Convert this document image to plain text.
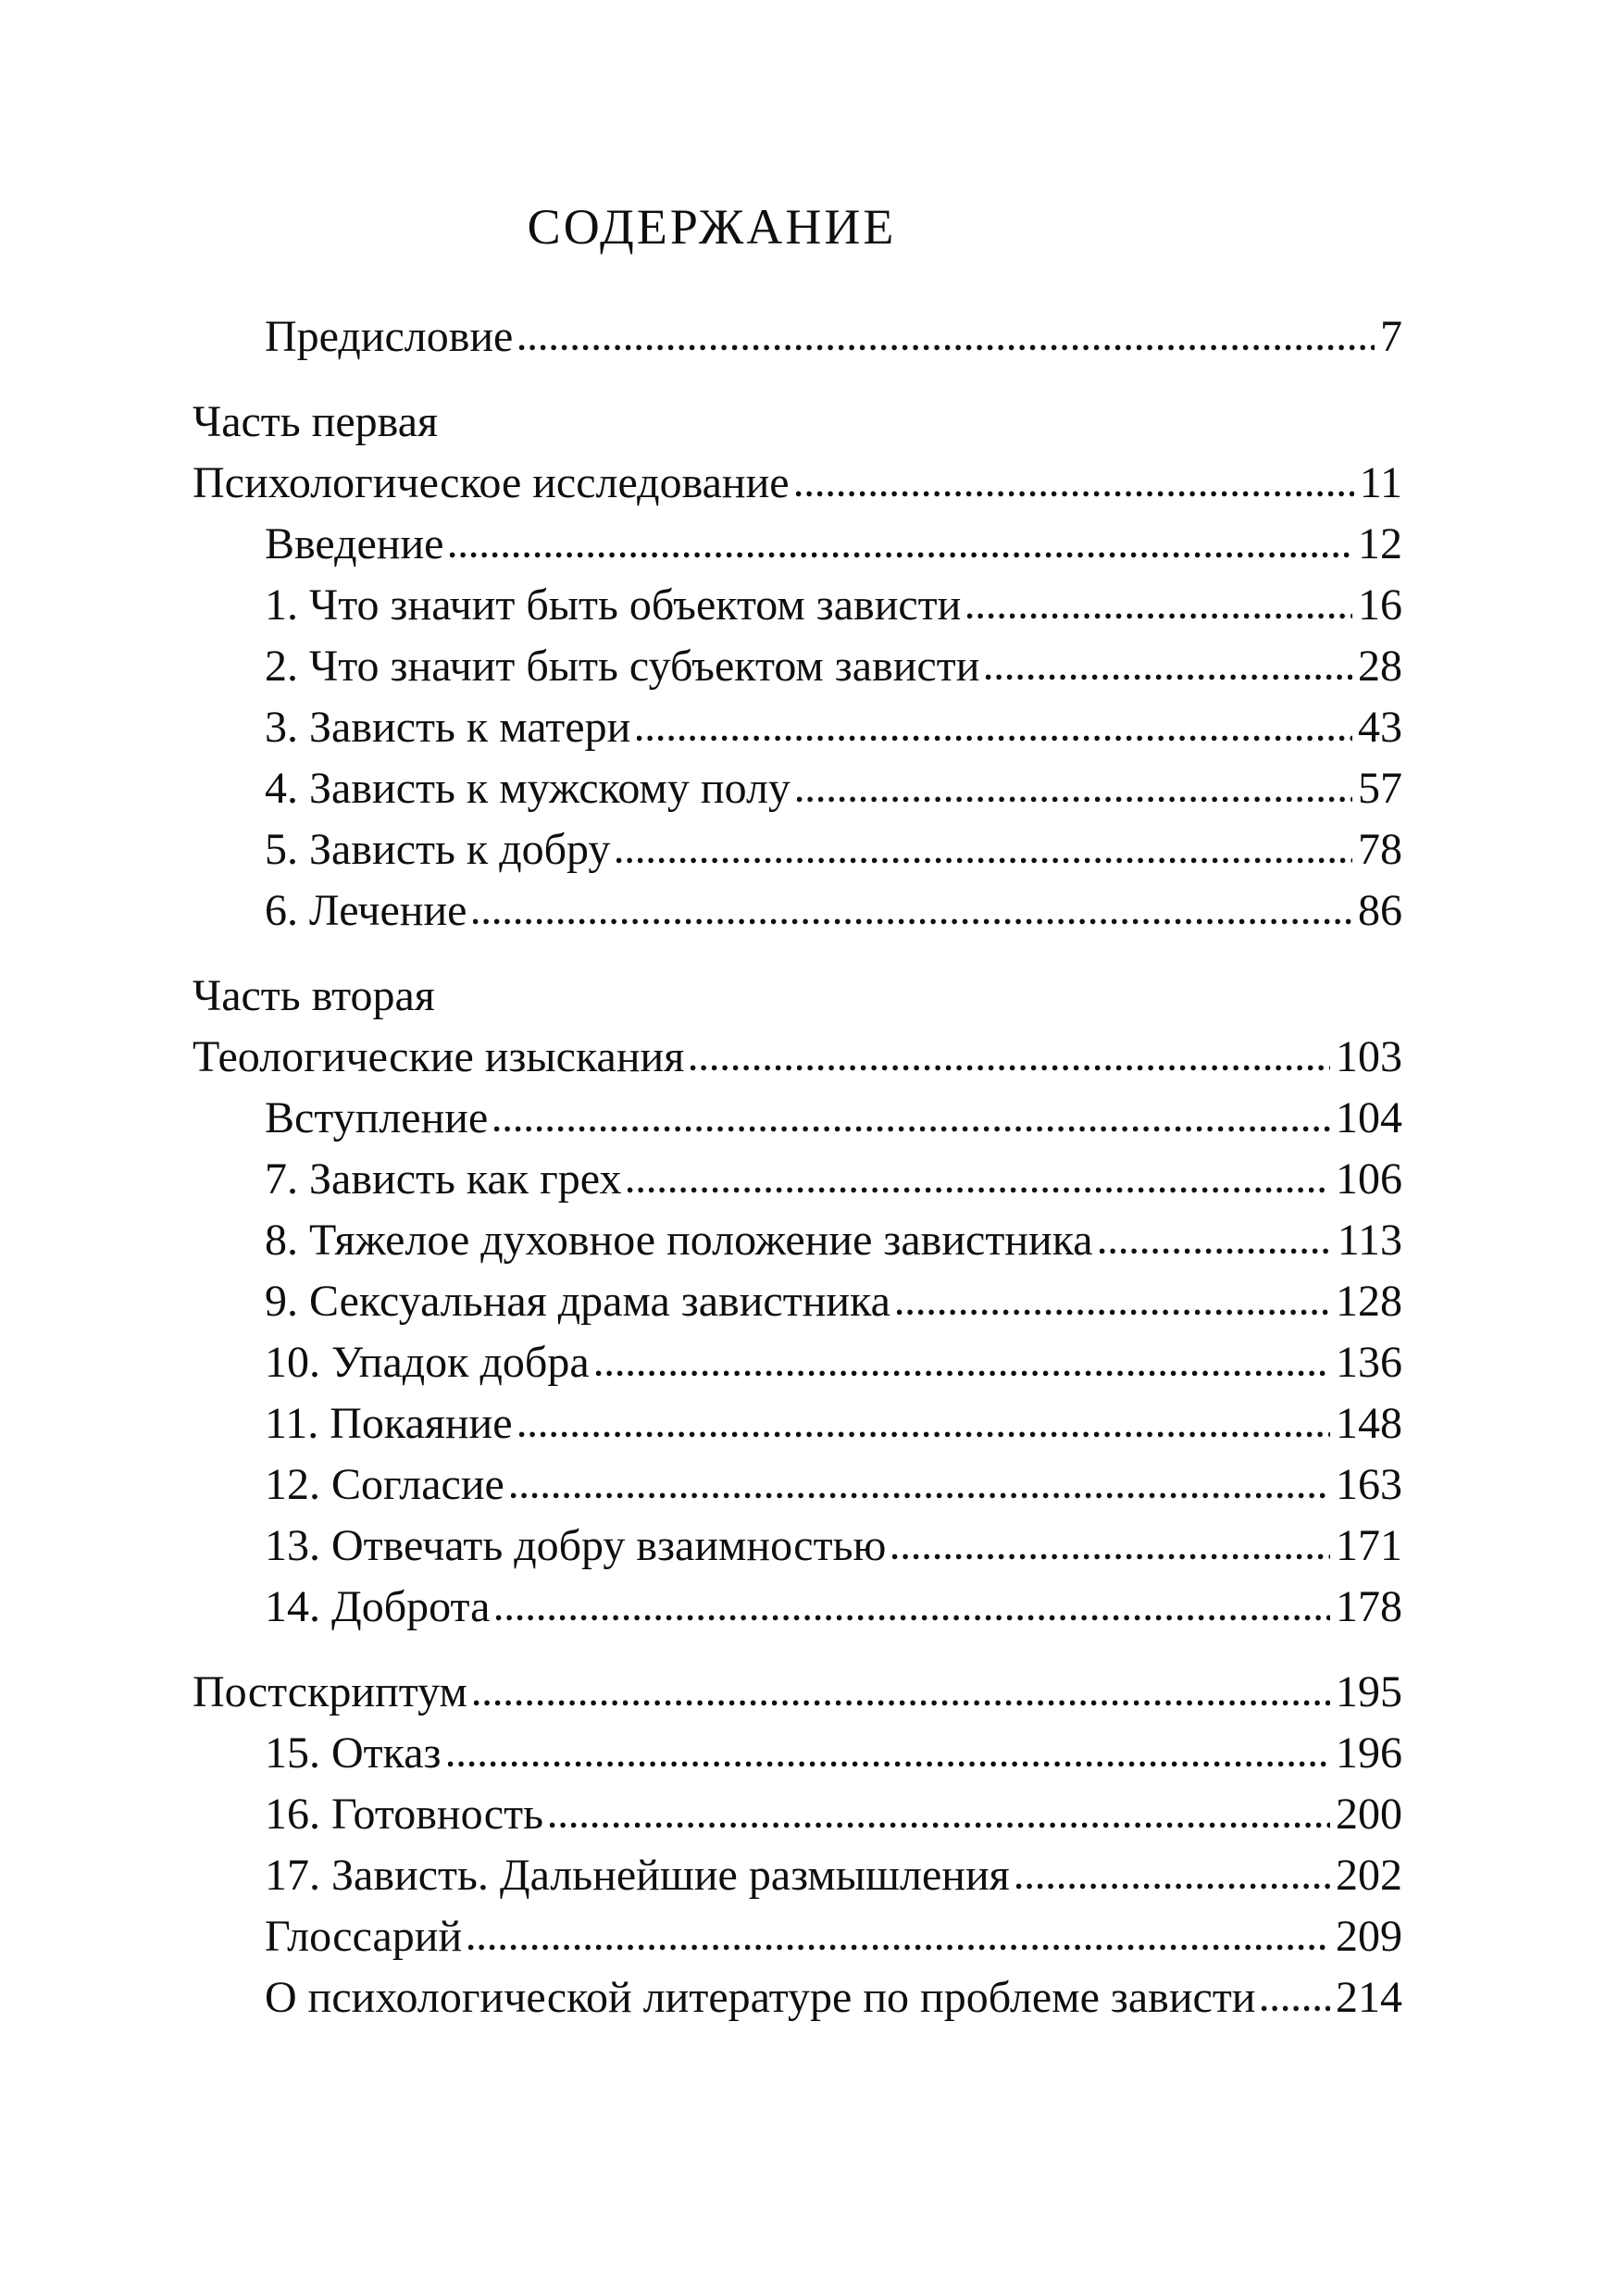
СОДЕРЖАНИЕ
Предисловие	7
Часть первая
Психологическое исследование	11
Введение	12
1. Что значит быть объектом зависти	16
2. Что значит быть субъектом зависти	28
3. Зависть к матери	43
4. Зависть к мужскому полу	57
5. Зависть к добру	78
6. Лечение	86
Часть вторая
Теологические изыскания	103
Вступление	104
7. Зависть как грех	106
8. Тяжелое духовное положение завистника	113
9. Сексуальная драма завистника	128
10. Упадок добра	136
11. Покаяние	148
12. Согласие	163
13. Отвечать добру взаимностью	171
14. Доброта	178
Постскриптум	195
15. Отказ	196
16. Готовность	200
17. Зависть. Дальнейшие размышления	202
Глоссарий	209
О психологической литературе по проблеме зависти 214
